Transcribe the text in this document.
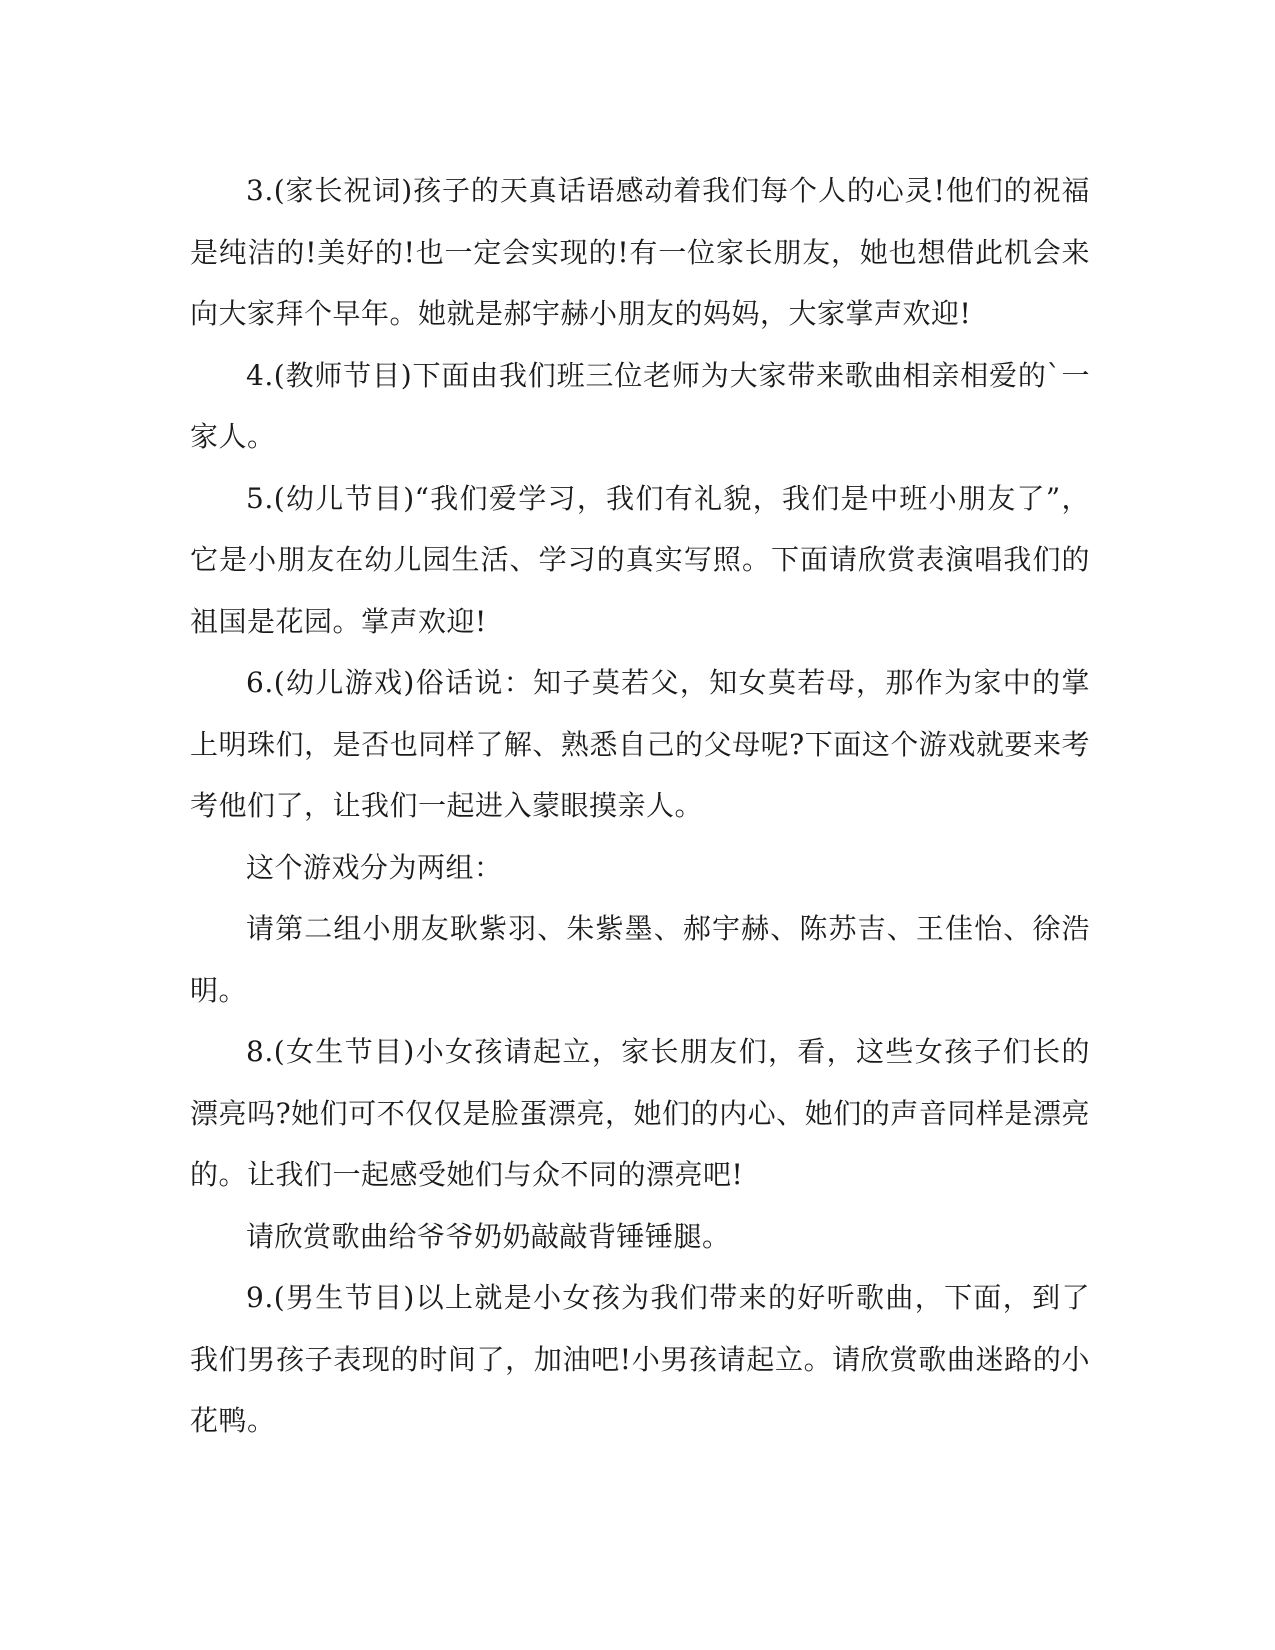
3.(家长祝词)孩子的天真话语感动着我们每个人的心灵!他们的祝福是纯洁的!美好的!也一定会实现的!有一位家长朋友，她也想借此机会来向大家拜个早年。她就是郝宇赫小朋友的妈妈，大家掌声欢迎!

4.(教师节目)下面由我们班三位老师为大家带来歌曲相亲相爱的`一家人。

5.(幼儿节目)“我们爱学习，我们有礼貌，我们是中班小朋友了”，它是小朋友在幼儿园生活、学习的真实写照。下面请欣赏表演唱我们的祖国是花园。掌声欢迎!

6.(幼儿游戏)俗话说：知子莫若父，知女莫若母，那作为家中的掌上明珠们，是否也同样了解、熟悉自己的父母呢?下面这个游戏就要来考考他们了，让我们一起进入蒙眼摸亲人。

这个游戏分为两组：

请第二组小朋友耿紫羽、朱紫墨、郝宇赫、陈苏吉、王佳怡、徐浩明。

8.(女生节目)小女孩请起立，家长朋友们，看，这些女孩子们长的漂亮吗?她们可不仅仅是脸蛋漂亮，她们的内心、她们的声音同样是漂亮的。让我们一起感受她们与众不同的漂亮吧!

请欣赏歌曲给爷爷奶奶敲敲背锤锤腿。

9.(男生节目)以上就是小女孩为我们带来的好听歌曲，下面，到了我们男孩子表现的时间了，加油吧!小男孩请起立。请欣赏歌曲迷路的小花鸭。
